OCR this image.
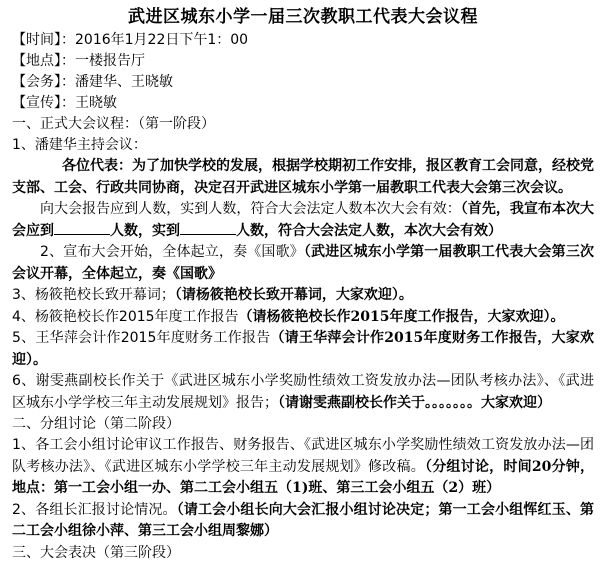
武进区城东小学一届三次教职工代表大会议程
【时间】：2016年1月22日下午1：00
【地点】：一楼报告厅
【会务】：潘建华、王晓敏
【宣传】：王晓敏
一、正式大会议程：（第一阶段）
1、潘建华主持会议：

各位代表：为了加快学校的发展，根据学校期初工作安排，报区教育工会同意，经校党支部、工会、行政共同协商，决定召开武进区城东小学第一届教职工代表大会第三次会议。

向大会报告应到人数，实到人数，符合大会法定人数本次大会有效：（首先，我宣布本次大会应到	人数，实到	人数，符合大会法定人数，本次大会有效）

2、宣布大会开始，全体起立，奏《国歌》（武进区城东小学第一届教职工代表大会第三次会议开幕，全体起立，奏《国歌》

3、杨筱艳校长致开幕词；（请杨筱艳校长致开幕词，大家欢迎）。

4、杨筱艳校长作2015年度工作报告（请杨筱艳校长作2015年度工作报告，大家欢迎）。

5、王华萍会计作2015年度财务工作报告（请王华萍会计作2015年度财务工作报告，大家欢迎）。

6、谢雯燕副校长作关于《武进区城东小学奖励性绩效工资发放办法—团队考核办法》、《武进区城东小学学校三年主动发展规划》报告；（请谢雯燕副校长作关于。。。。。。。大家欢迎）

二、分组讨论（第二阶段）

1、各工会小组讨论审议工作报告、财务报告、《武进区城东小学奖励性绩效工资发放办法—团队考核办法》、《武进区城东小学学校三年主动发展规划》修改稿。（分组讨论，时间20分钟，地点：第一工会小组一办、第二工会小组五（1)班、第三工会小组五（2）班）

2、各组长汇报讨论情况。（请工会小组长向大会汇报小组讨论决定；第一工会小组恽红玉、第二工会小组徐小萍、第三工会小组周黎娜）

三、大会表决（第三阶段）
